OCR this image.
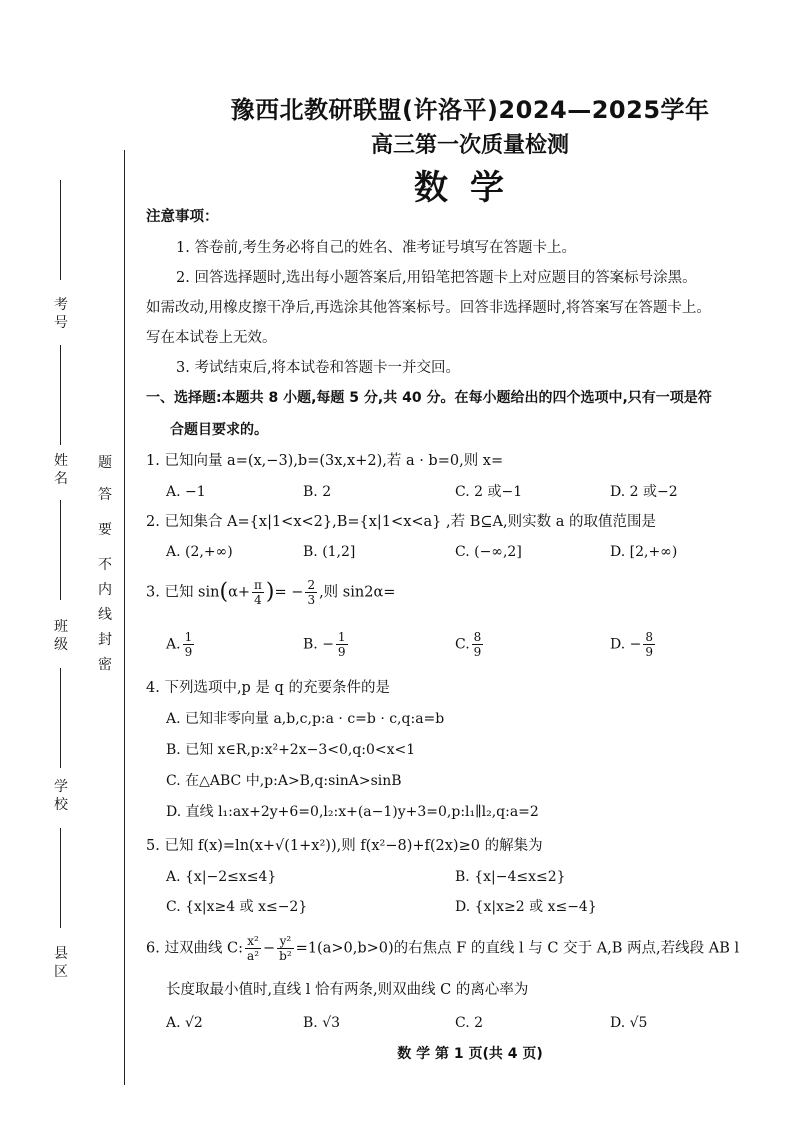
考号
姓名
班级
学校
县区
密
封
线
内
不
要
答
题
豫西北教研联盟(许洛平)2024—2025学年
高三第一次质量检测
数学
注意事项：
1. 答卷前,考生务必将自己的姓名、准考证号填写在答题卡上。
2. 回答选择题时,选出每小题答案后,用铅笔把答题卡上对应题目的答案标号涂黑。
如需改动,用橡皮擦干净后,再选涂其他答案标号。回答非选择题时,将答案写在答题卡上。
写在本试卷上无效。
3. 考试结束后,将本试卷和答题卡一并交回。
一、选择题:本题共 8 小题,每题 5 分,共 40 分。在每小题给出的四个选项中,只有一项是符
合题目要求的。
1. 已知向量 a=(x,−3),b=(3x,x+2),若 a · b=0,则 x=
A. −1	B. 2	C. 2 或−1	D. 2 或−2
2. 已知集合 A={x|1<x<2},B={x|1<x<a} ,若 B⊆A,则实数 a 的取值范围是
A. (2,+∞)	B. (1,2]	C. (−∞,2]	D. [2,+∞)
3. 已知 $\sin(\alpha+ \frac{\pi}{4}$ )= − $\frac{2}{3}$ ,则 sin2α=
A. $\frac{1}{9}$	B. − $\frac{1}{9}$	C. $\frac{8}{9}$	D. − $\frac{8}{9}$
4. 下列选项中,p 是 q 的充要条件的是
A. 已知非零向量 a,b,c,p:a · c=b · c,q:a=b
B. 已知 x∈R,p:x²+2x−3<0,q:0<x<1
C. 在△ABC 中,p:A>B,q:sinA>sinB
D. 直线 l₁:ax+2y+6=0,l₂:x+(a−1)y+3=0,p:l₁∥l₂,q:a=2
5. 已知 f(x)=ln(x+√(1+x²)),则 f(x²−8)+f(2x)≥0 的解集为
A. {x|−2≤x≤4}	B. {x|−4≤x≤2}
C. {x|x≥4 或 x≤−2}	D. {x|x≥2 或 x≤−4}
6. 过双曲线 C: $\frac{\text{x²}}{\text{a²}} - \frac{\text{y²}}{\text{b²}} =1(a>0,b>0)$的右焦点 F 的直线 l 与 C 交于 A,B 两点,若线段 AB l
长度取最小值时,直线 l 恰有两条,则双曲线 C 的离心率为
A. √2	B. √3	C. 2	D. √5
数 学 第 1 页(共 4 页)
